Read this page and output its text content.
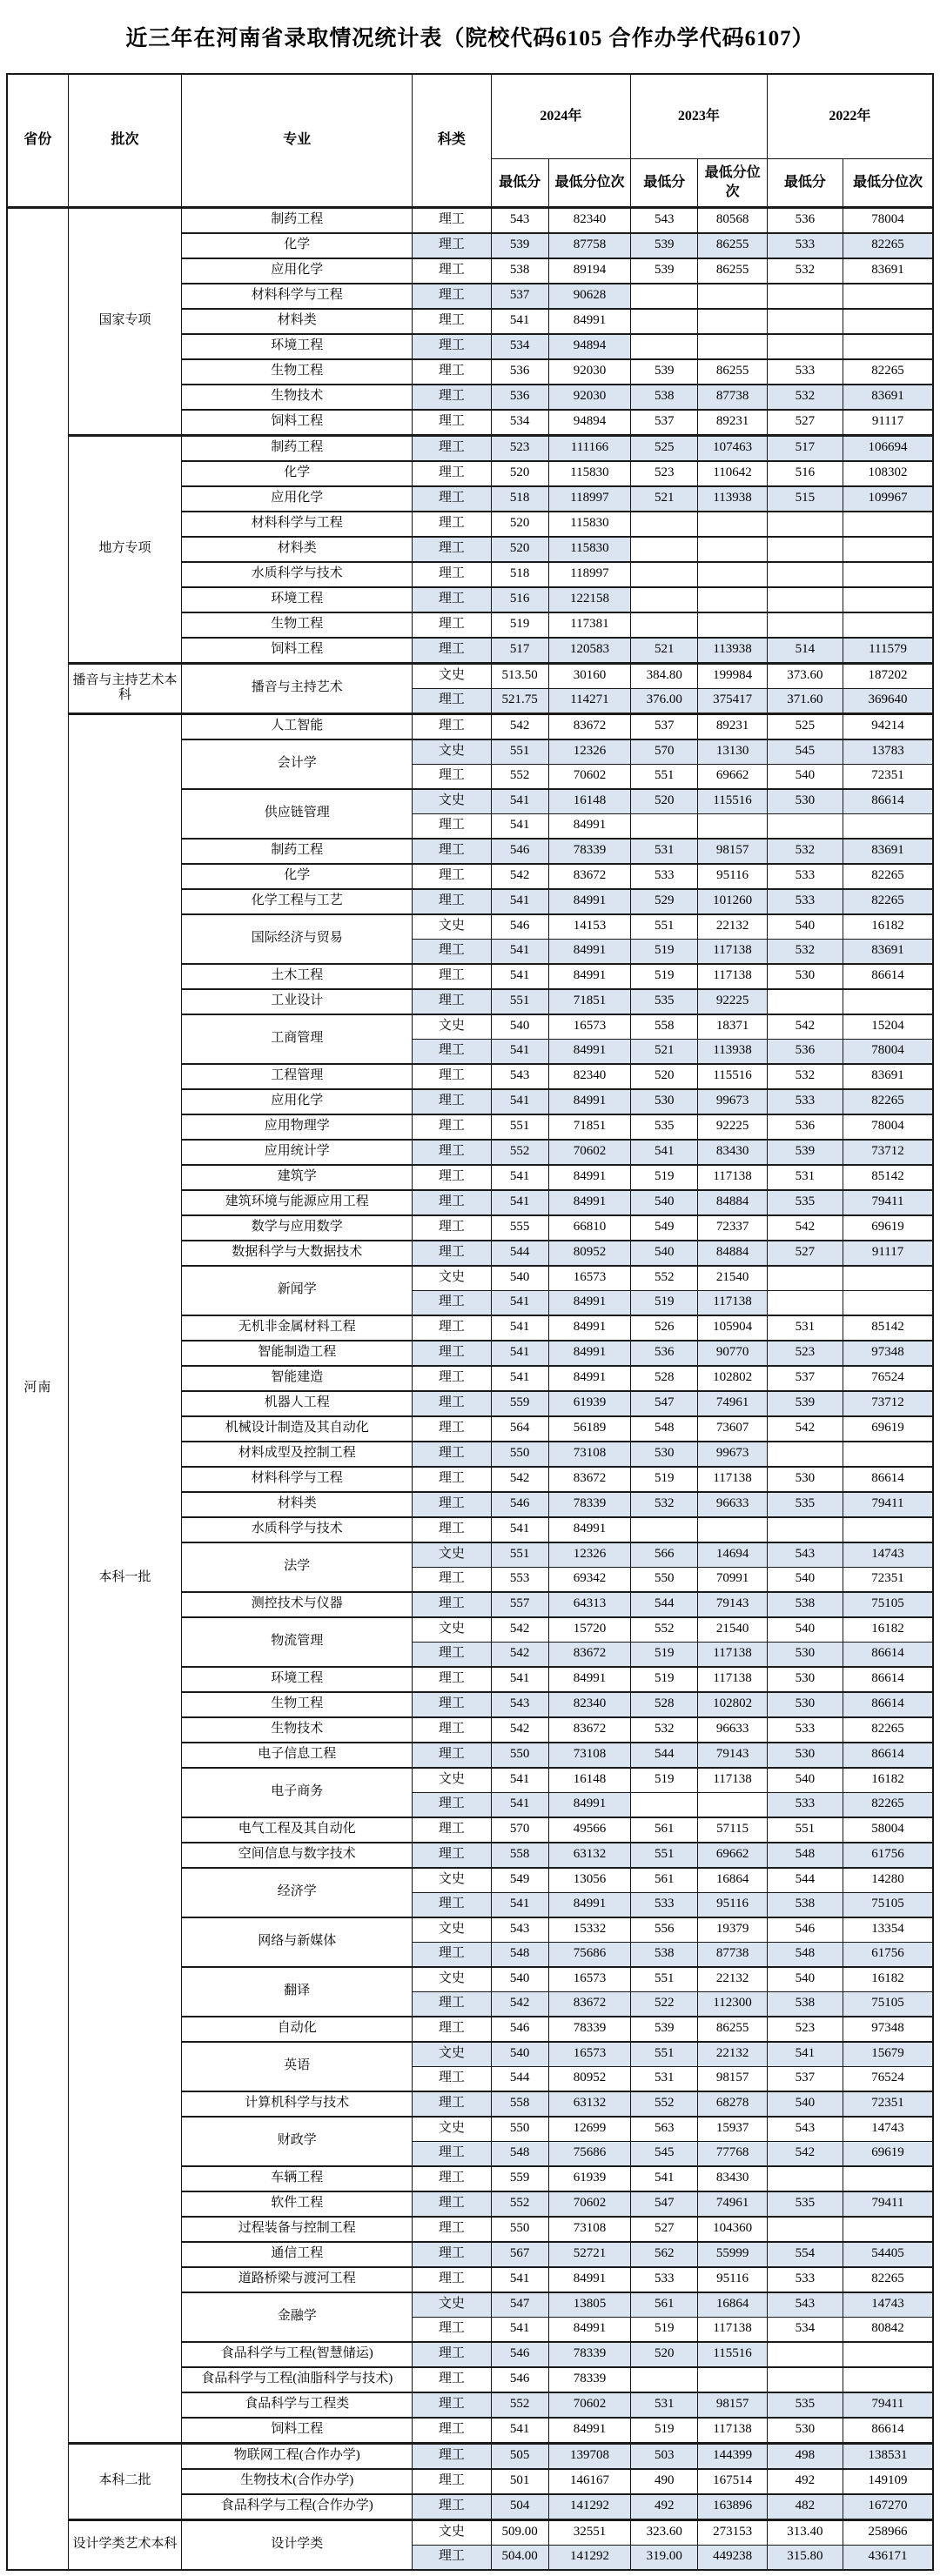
近三年在河南省录取情况统计表（院校代码6105 合作办学代码6107）
省份	批次	专业	科类	2024年		2023年		2022年	
				最低分	最低分位次	最低分	最低分位次	最低分	最低分位次
河南	国家专项	制药工程	理工	543	82340	543	80568	536	78004
		化学	理工	539	87758	539	86255	533	82265
		应用化学	理工	538	89194	539	86255	532	83691
		材料科学与工程	理工	537	90628				
		材料类	理工	541	84991				
		环境工程	理工	534	94894				
		生物工程	理工	536	92030	539	86255	533	82265
		生物技术	理工	536	92030	538	87738	532	83691
		饲料工程	理工	534	94894	537	89231	527	91117
	地方专项	制药工程	理工	523	111166	525	107463	517	106694
		化学	理工	520	115830	523	110642	516	108302
		应用化学	理工	518	118997	521	113938	515	109967
		材料科学与工程	理工	520	115830				
		材料类	理工	520	115830				
		水质科学与技术	理工	518	118997				
		环境工程	理工	516	122158				
		生物工程	理工	519	117381				
		饲料工程	理工	517	120583	521	113938	514	111579
	播音与主持艺术本科	播音与主持艺术	文史	513.50	30160	384.80	199984	373.60	187202
			理工	521.75	114271	376.00	375417	371.60	369640
	本科一批	人工智能	理工	542	83672	537	89231	525	94214
		会计学	文史	551	12326	570	13130	545	13783
			理工	552	70602	551	69662	540	72351
		供应链管理	文史	541	16148	520	115516	530	86614
			理工	541	84991				
		制药工程	理工	546	78339	531	98157	532	83691
		化学	理工	542	83672	533	95116	533	82265
		化学工程与工艺	理工	541	84991	529	101260	533	82265
		国际经济与贸易	文史	546	14153	551	22132	540	16182
			理工	541	84991	519	117138	532	83691
		土木工程	理工	541	84991	519	117138	530	86614
		工业设计	理工	551	71851	535	92225		
		工商管理	文史	540	16573	558	18371	542	15204
			理工	541	84991	521	113938	536	78004
		工程管理	理工	543	82340	520	115516	532	83691
		应用化学	理工	541	84991	530	99673	533	82265
		应用物理学	理工	551	71851	535	92225	536	78004
		应用统计学	理工	552	70602	541	83430	539	73712
		建筑学	理工	541	84991	519	117138	531	85142
		建筑环境与能源应用工程	理工	541	84991	540	84884	535	79411
		数学与应用数学	理工	555	66810	549	72337	542	69619
		数据科学与大数据技术	理工	544	80952	540	84884	527	91117
		新闻学	文史	540	16573	552	21540		
			理工	541	84991	519	117138		
		无机非金属材料工程	理工	541	84991	526	105904	531	85142
		智能制造工程	理工	541	84991	536	90770	523	97348
		智能建造	理工	541	84991	528	102802	537	76524
		机器人工程	理工	559	61939	547	74961	539	73712
		机械设计制造及其自动化	理工	564	56189	548	73607	542	69619
		材料成型及控制工程	理工	550	73108	530	99673		
		材料科学与工程	理工	542	83672	519	117138	530	86614
		材料类	理工	546	78339	532	96633	535	79411
		水质科学与技术	理工	541	84991				
		法学	文史	551	12326	566	14694	543	14743
			理工	553	69342	550	70991	540	72351
		测控技术与仪器	理工	557	64313	544	79143	538	75105
		物流管理	文史	542	15720	552	21540	540	16182
			理工	542	83672	519	117138	530	86614
		环境工程	理工	541	84991	519	117138	530	86614
		生物工程	理工	543	82340	528	102802	530	86614
		生物技术	理工	542	83672	532	96633	533	82265
		电子信息工程	理工	550	73108	544	79143	530	86614
		电子商务	文史	541	16148	519	117138	540	16182
			理工	541	84991			533	82265
		电气工程及其自动化	理工	570	49566	561	57115	551	58004
		空间信息与数字技术	理工	558	63132	551	69662	548	61756
		经济学	文史	549	13056	561	16864	544	14280
			理工	541	84991	533	95116	538	75105
		网络与新媒体	文史	543	15332	556	19379	546	13354
			理工	548	75686	538	87738	548	61756
		翻译	文史	540	16573	551	22132	540	16182
			理工	542	83672	522	112300	538	75105
		自动化	理工	546	78339	539	86255	523	97348
		英语	文史	540	16573	551	22132	541	15679
			理工	544	80952	531	98157	537	76524
		计算机科学与技术	理工	558	63132	552	68278	540	72351
		财政学	文史	550	12699	563	15937	543	14743
			理工	548	75686	545	77768	542	69619
		车辆工程	理工	559	61939	541	83430		
		软件工程	理工	552	70602	547	74961	535	79411
		过程装备与控制工程	理工	550	73108	527	104360		
		通信工程	理工	567	52721	562	55999	554	54405
		道路桥梁与渡河工程	理工	541	84991	533	95116	533	82265
		金融学	文史	547	13805	561	16864	543	14743
			理工	541	84991	519	117138	534	80842
		食品科学与工程(智慧储运)	理工	546	78339	520	115516		
		食品科学与工程(油脂科学与技术)	理工	546	78339				
		食品科学与工程类	理工	552	70602	531	98157	535	79411
		饲料工程	理工	541	84991	519	117138	530	86614
	本科二批	物联网工程(合作办学)	理工	505	139708	503	144399	498	138531
		生物技术(合作办学)	理工	501	146167	490	167514	492	149109
		食品科学与工程(合作办学)	理工	504	141292	492	163896	482	167270
	设计学类艺术本科	设计学类	文史	509.00	32551	323.60	273153	313.40	258966
			理工	504.00	141292	319.00	449238	315.80	436171
